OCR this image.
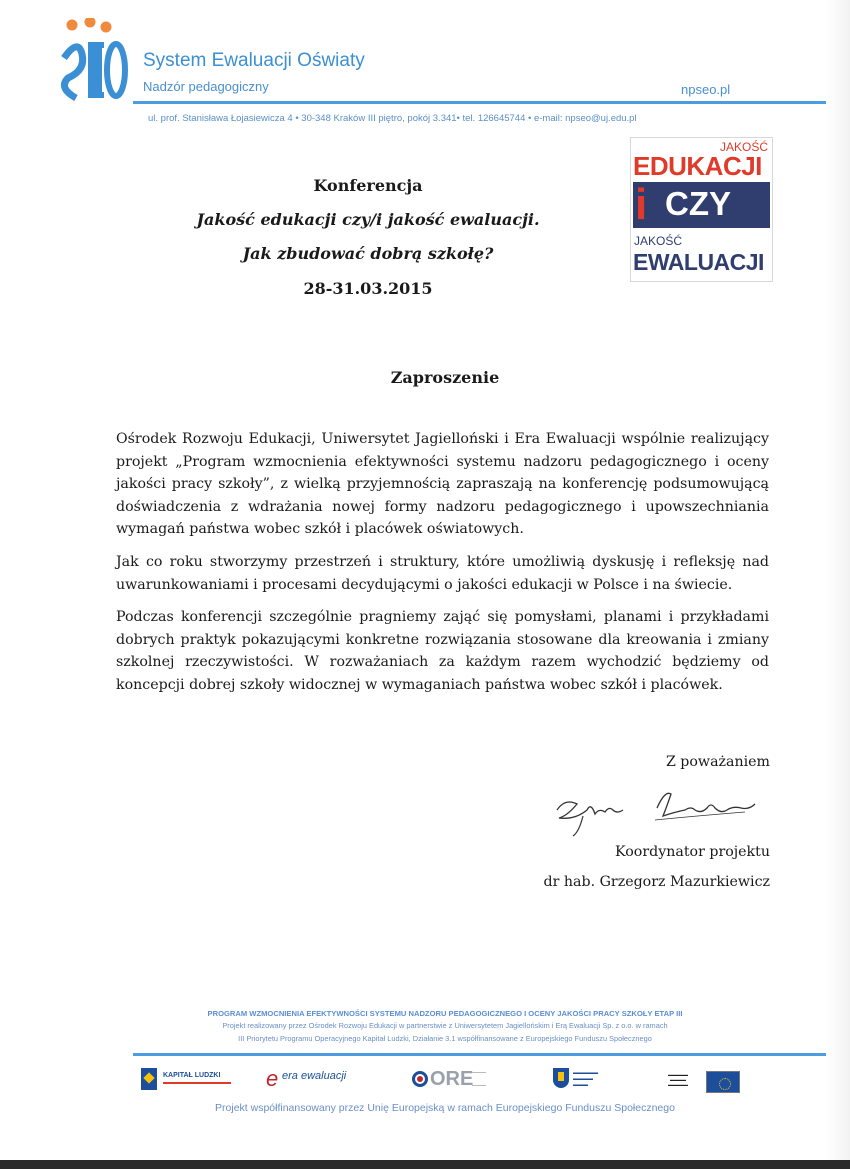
System Ewaluacji Oświaty
Nadzór pedagogiczny	npseo.pl
ul. prof. Stanisława Łojasiewicza 4 • 30-348 Kraków III piętro, pokój 3.341• tel. 126645744 • e-mail: npseo@uj.edu.pl
JAKOŚĆ
EDUKACJI
i CZY
JAKOŚĆ
EWALUACJI
Konferencja
Jakość edukacji czy/i jakość ewaluacji.
Jak zbudować dobrą szkołę?
28-31.03.2015
Zaproszenie

Ośrodek Rozwoju Edukacji, Uniwersytet Jagielloński i Era Ewaluacji wspólnie realizujący projekt „Program wzmocnienia efektywności systemu nadzoru pedagogicznego i oceny jakości pracy szkoły”, z wielką przyjemnością zapraszają na konferencję podsumowującą doświadczenia z wdrażania nowej formy nadzoru pedagogicznego i upowszechniania wymagań państwa wobec szkół i placówek oświatowych.

Jak co roku stworzymy przestrzeń i struktury, które umożliwią dyskusję i refleksję nad uwarunkowaniami i procesami decydującymi o jakości edukacji w Polsce i na świecie.

Podczas konferencji szczególnie pragniemy zająć się pomysłami, planami i przykładami dobrych praktyk pokazującymi konkretne rozwiązania stosowane dla kreowania i zmiany szkolnej rzeczywistości. W rozważaniach za każdym razem wychodzić będziemy od koncepcji dobrej szkoły widocznej w wymaganiach państwa wobec szkół i placówek.

Z poważaniem
Koordynator projektu
dr hab. Grzegorz Mazurkiewicz
PROGRAM WZMOCNIENIA EFEKTYWNOŚCI SYSTEMU NADZORU PEDAGOGICZNEGO I OCENY JAKOŚCI PRACY SZKOŁY ETAP III
Projekt realizowany przez Ośrodek Rozwoju Edukacji w partnerstwie z Uniwersytetem Jagiellońskim i Erą Ewaluacji Sp. z o.o. w ramach
III Priorytetu Programu Operacyjnego Kapitał Ludzki, Działanie 3.1 współfinansowane z Europejskiego Funduszu Społecznego
KAPITAŁ LUDZKI e era ewaluacji	ORE	▬▬▬▬▬
▬▬▬▬
▬▬▬
▬▬▬▬▬
▬▬▬▬
▬▬▬▬▬
Projekt współfinansowany przez Unię Europejską w ramach Europejskiego Funduszu Społecznego
